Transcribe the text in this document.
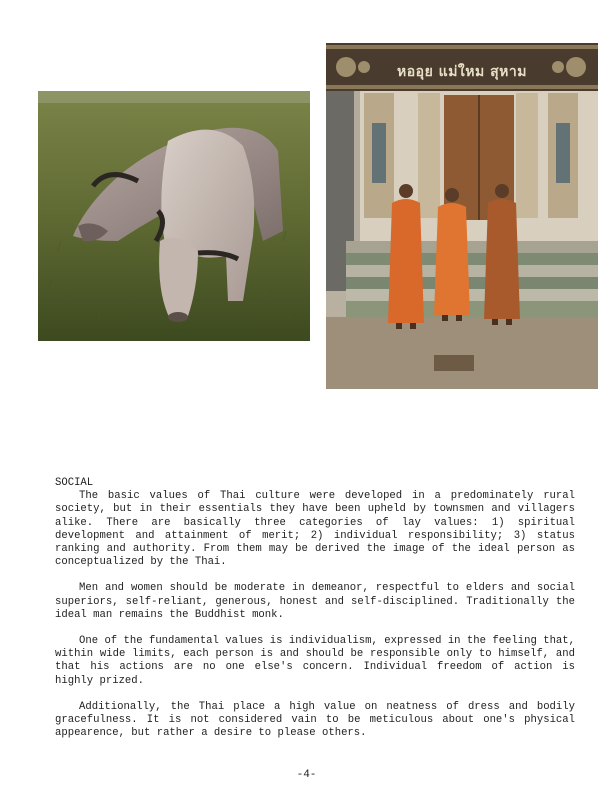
หออุย แม่ใหม สุหาม
SOCIAL

The basic values of Thai culture were developed in a predominately rural society, but in their essentials they have been upheld by townsmen and villagers alike. There are basically three categories of lay values: 1) spiritual development and attainment of merit; 2) individual responsibility; 3) status ranking and authority. From them may be derived the image of the ideal person as conceptualized by the Thai.

Men and women should be moderate in demeanor, respectful to elders and social superiors, self-reliant, generous, honest and self-disciplined. Traditionally the ideal man remains the Buddhist monk.

One of the fundamental values is individualism, expressed in the feeling that, within wide limits, each person is and should be responsible only to himself, and that his actions are no one else's concern. Individual freedom of action is highly prized.

Additionally, the Thai place a high value on neatness of dress and bodily gracefulness. It is not considered vain to be meticulous about one's physical appearence, but rather a desire to please others.

-4-
